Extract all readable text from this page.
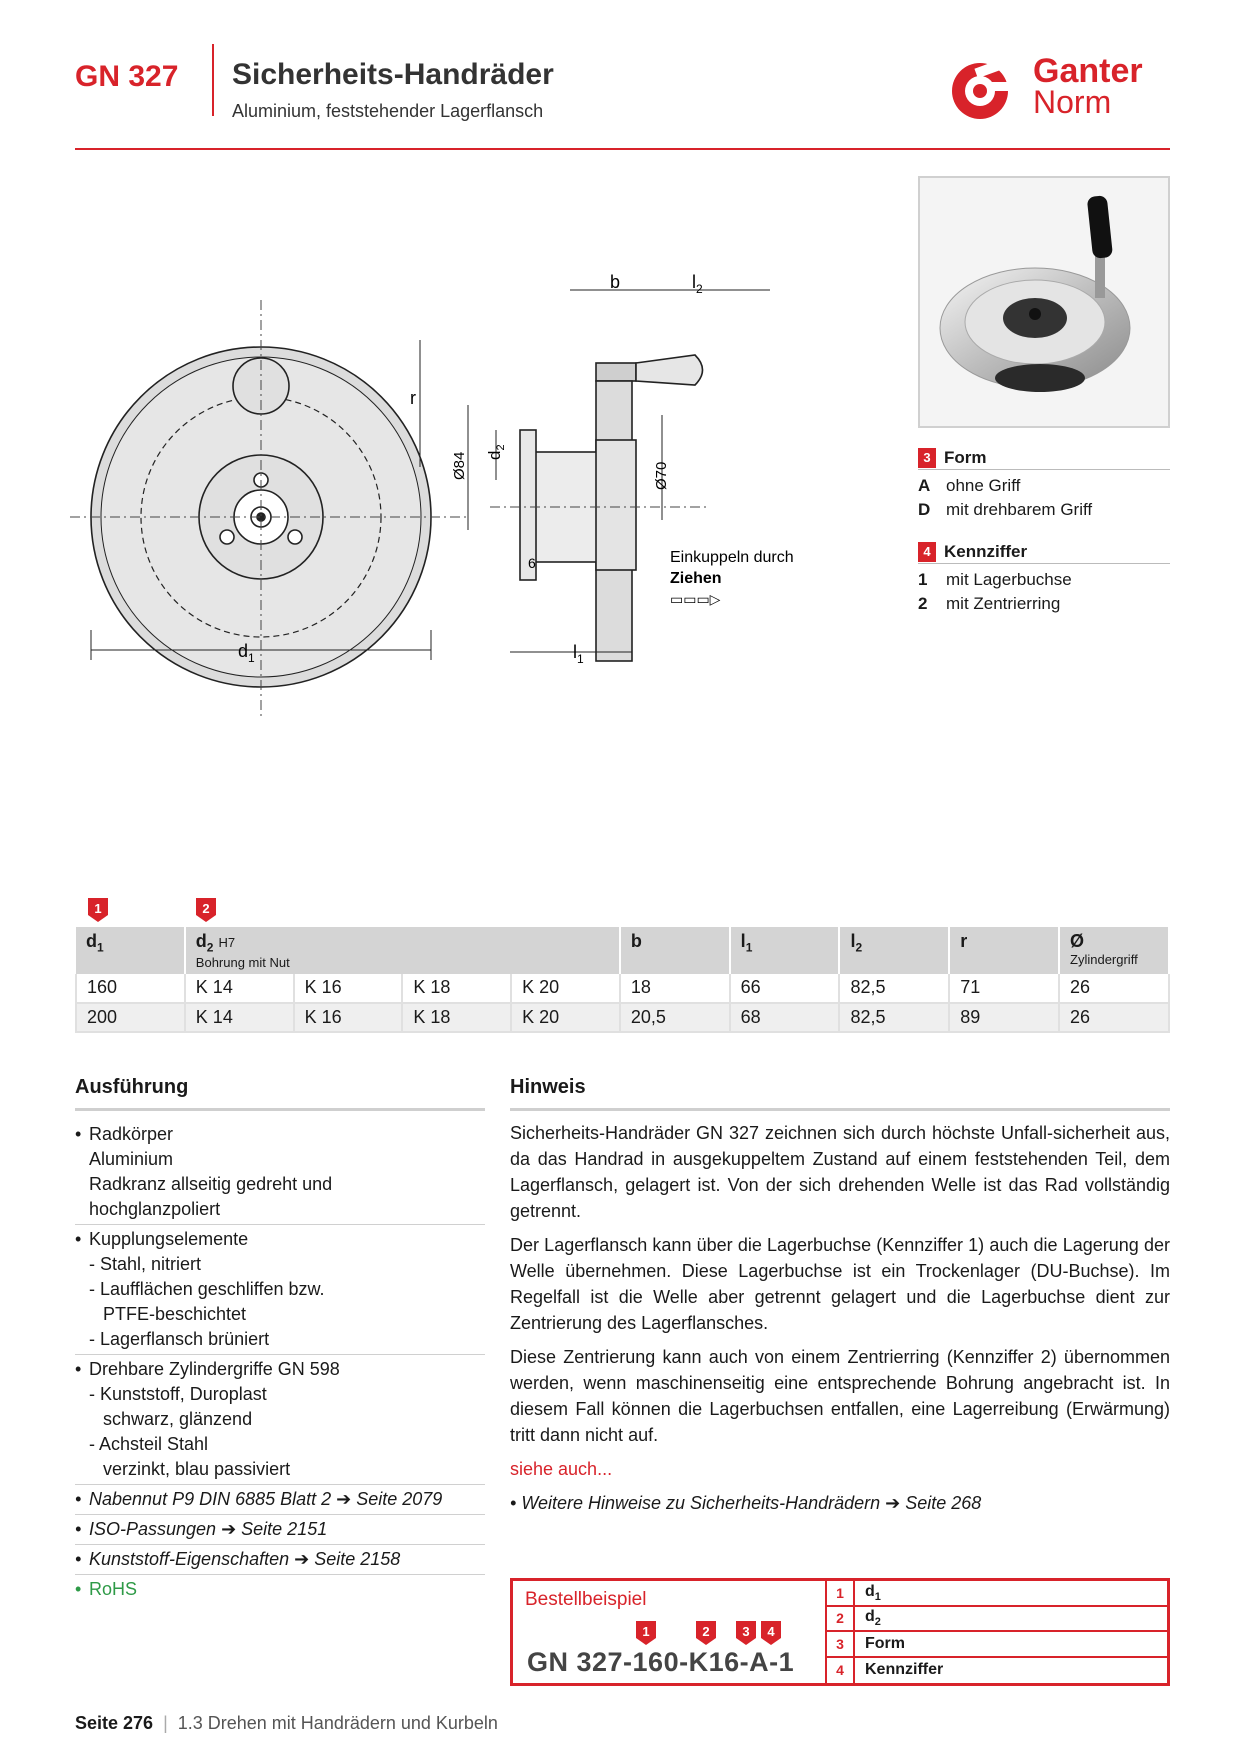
GN 327 Sicherheits-Handräder
Aluminium, feststehender Lagerflansch
Ganter
Norm
$d_1$
b	$l_2$
r
Ø84 $d_2$
Ø70
6
$l_1$
Einkuppeln durch
Ziehen
▭▭▭▷
3 Form
A ohne Griff
D mit drehbarem Griff
4 Kennziffer
1	mit Lagerbuchse
2	mit Zentrierring
1	2
$d_1$	$d_2$ H7
Bohrung mit Nut				b	$l_1$	$l_2$	r	Ø
Zylindergriff

160	K 14	K 16	K 18	K 20	18	66	82,5	71	26
200	K 14	K 16	K 18	K 20	20,5	68	82,5	89	26
Ausführung
• Radkörper
Aluminium
Radkranz allseitig gedreht und
hochglanzpoliert
• Kupplungselemente
- Stahl, nitriert
- Laufflächen geschliffen bzw.
PTFE-beschichtet
- Lagerflansch brüniert
• Drehbare Zylindergriffe GN 598
- Kunststoff, Duroplast
schwarz, glänzend
- Achsteil Stahl
verzinkt, blau passiviert
• Nabennut P9 DIN 6885 Blatt 2 ➔ Seite 2079
• ISO-Passungen ➔ Seite 2151
• Kunststoff-Eigenschaften ➔ Seite 2158
• RoHS
Hinweis

Sicherheits-Handräder GN 327 zeichnen sich durch höchste Unfall-sicherheit aus, da das Handrad in ausgekuppeltem Zustand auf einem feststehenden Teil, dem Lagerflansch, gelagert ist. Von der sich drehenden Welle ist das Rad vollständig getrennt.

Der Lagerflansch kann über die Lagerbuchse (Kennziffer 1) auch die Lagerung der Welle übernehmen. Diese Lagerbuchse ist ein Trockenlager (DU-Buchse). Im Regelfall ist die Welle aber getrennt gelagert und die Lagerbuchse dient zur Zentrierung des Lagerflansches.

Diese Zentrierung kann auch von einem Zentrierring (Kennziffer 2) übernommen werden, wenn maschinenseitig eine entsprechende Bohrung angebracht ist. In diesem Fall können die Lagerbuchsen entfallen, eine Lagerreibung (Erwärmung) tritt dann nicht auf.

siehe auch...

• Weitere Hinweise zu Sicherheits-Handrädern ➔ Seite 268

Bestellbeispiel
1	2	3 4
GN 327-160-K16-A-1
1	$d_1$
2	$d_2$
3	Form
4	Kennziffer
Seite 276 | 1.3 Drehen mit Handrädern und Kurbeln
